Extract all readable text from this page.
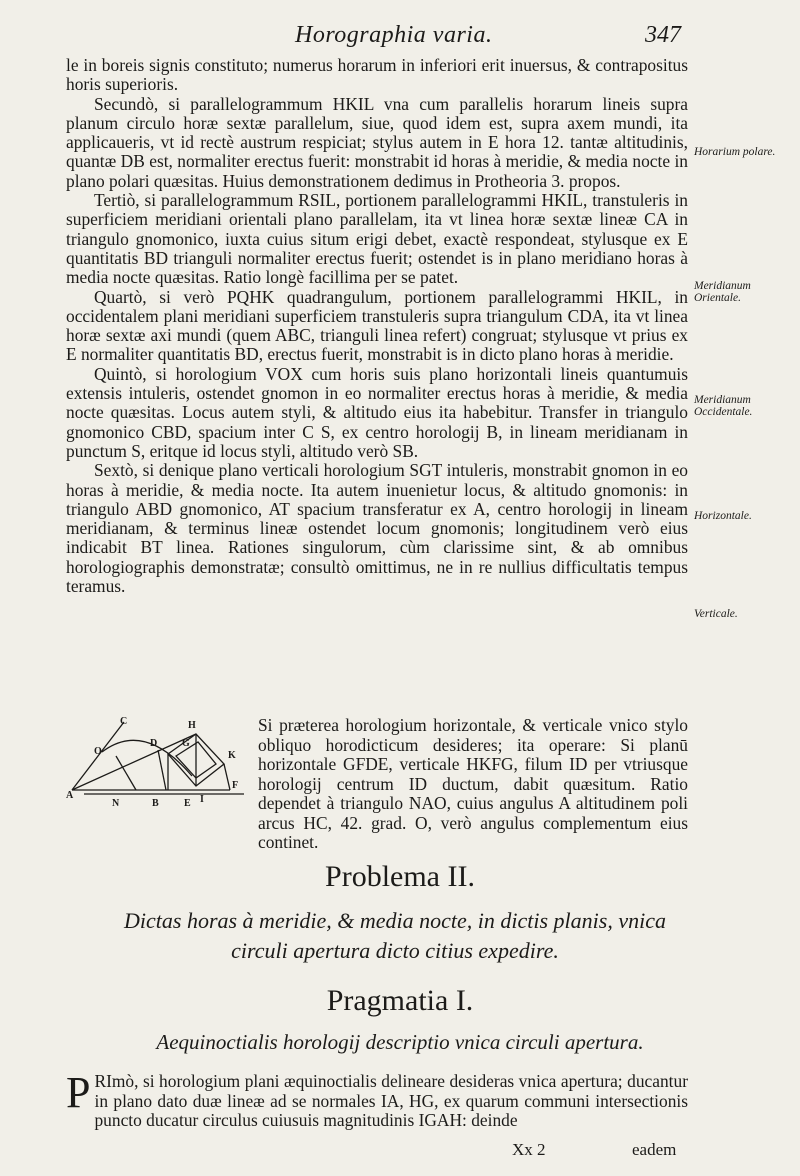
Horographia varia.	347

le in boreis signis constituto; numerus horarum in inferiori erit inuersus, & contrapositus horis superioris.

Secundò, si parallelogrammum HKIL vna cum parallelis horarum lineis supra planum circulo horæ sextæ parallelum, siue, quod idem est, supra axem mundi, ita applicaueris, vt id rectè austrum respiciat; stylus autem in E hora 12. tantæ altitudinis, quantæ DB est, normaliter erectus fuerit: monstrabit id horas à meridie, & media nocte in plano polari quæsitas. Huius demonstrationem dedimus in Protheoria 3. propos.

Tertiò, si parallelogrammum RSIL, portionem parallelogrammi HKIL, transtuleris in superficiem meridiani orientali plano parallelam, ita vt linea horæ sextæ lineæ CA in triangulo gnomonico, iuxta cuius situm erigi debet, exactè respondeat, stylusque ex E quantitatis BD trianguli normaliter erectus fuerit; ostendet is in plano meridiano horas à media nocte quæsitas. Ratio longè facillima per se patet.

Quartò, si verò PQHK quadrangulum, portionem parallelogrammi HKIL, in occidentalem plani meridiani superficiem transtuleris supra triangulum CDA, ita vt linea horæ sextæ axi mundi (quem ABC, trianguli linea refert) congruat; stylusque vt prius ex E normaliter quantitatis BD, erectus fuerit, monstrabit is in dicto plano horas à meridie.

Quintò, si horologium VOX cum horis suis plano horizontali lineis quantumuis extensis intuleris, ostendet gnomon in eo normaliter erectus horas à meridie, & media nocte quæsitas. Locus autem styli, & altitudo eius ita habebitur. Transfer in triangulo gnomonico CBD, spacium inter C S, ex centro horologij B, in lineam meridianam in punctum S, eritque id locus styli, altitudo verò SB.

Sextò, si denique plano verticali horologium SGT intuleris, monstrabit gnomon in eo horas à meridie, & media nocte. Ita autem inuenietur locus, & altitudo gnomonis: in triangulo ABD gnomonico, AT spacium transferatur ex A, centro horologij in lineam meridianam, & terminus lineæ ostendet locum gnomonis; longitudinem verò eius indicabit BT linea. Rationes singulorum, cùm clarissime sint, & ab omnibus horologiographis demonstratæ; consultò omittimus, ne in re nullius difficultatis tempus teramus.

Horarium polare.
Meridianum Orientale.
Meridianum Occidentale.
Horizontale.
Verticale.
C
D
O
G
H
K
F
A
N	B	E I
Si præterea horologium horizontale, & verticale vnico stylo obliquo horodicticum desideres; ita operare: Si planū horizontale GFDE, verticale HKFG, filum ID per vtriusque horologij centrum ID ductum, dabit quæsitum. Ratio dependet à triangulo NAO, cuius angulus A altitudinem poli arcus HC, 42. grad. O, verò angulus complementum eius continet.
Problema II.
Dictas horas à meridie, & media nocte, in dictis planis, vnica circuli apertura dicto citius expedire.
Pragmatia I.
Aequinoctialis horologij descriptio vnica circuli apertura.
P RImò, si horologium plani æquinoctialis delineare desideras vnica apertura; ducantur in plano dato duæ lineæ ad se normales IA, HG, ex quarum communi intersectionis puncto ducatur circulus cuiusuis magnitudinis IGAH: deinde
Xx 2	eadem
